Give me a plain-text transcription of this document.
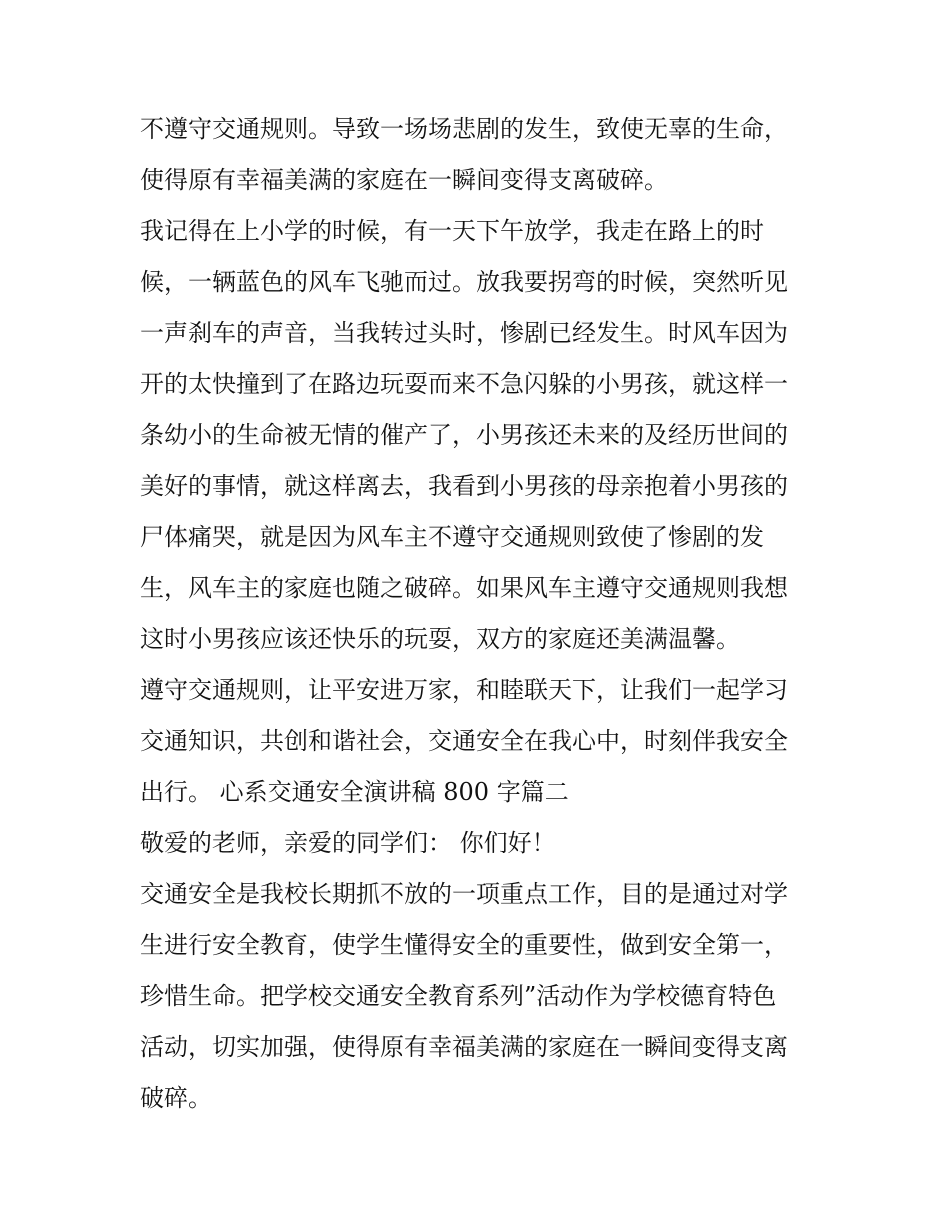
不遵守交通规则。导致一场场悲剧的发生，致使无辜的生命，
使得原有幸福美满的家庭在一瞬间变得支离破碎。
我记得在上小学的时候，有一天下午放学，我走在路上的时
候，一辆蓝色的风车飞驰而过。放我要拐弯的时候，突然听见
一声刹车的声音，当我转过头时，惨剧已经发生。时风车因为
开的太快撞到了在路边玩耍而来不急闪躲的小男孩，就这样一
条幼小的生命被无情的催产了，小男孩还未来的及经历世间的
美好的事情，就这样离去，我看到小男孩的母亲抱着小男孩的
尸体痛哭，就是因为风车主不遵守交通规则致使了惨剧的发
生，风车主的家庭也随之破碎。如果风车主遵守交通规则我想
这时小男孩应该还快乐的玩耍，双方的家庭还美满温馨。
遵守交通规则，让平安进万家，和睦联天下，让我们一起学习
交通知识，共创和谐社会，交通安全在我心中，时刻伴我安全
出行。 心系交通安全演讲稿 800 字篇二
敬爱的老师，亲爱的同学们： 你们好！
交通安全是我校长期抓不放的一项重点工作，目的是通过对学
生进行安全教育，使学生懂得安全的重要性，做到安全第一，
珍惜生命。把学校交通安全教育系列”活动作为学校德育特色
活动，切实加强，使得原有幸福美满的家庭在一瞬间变得支离
破碎。
